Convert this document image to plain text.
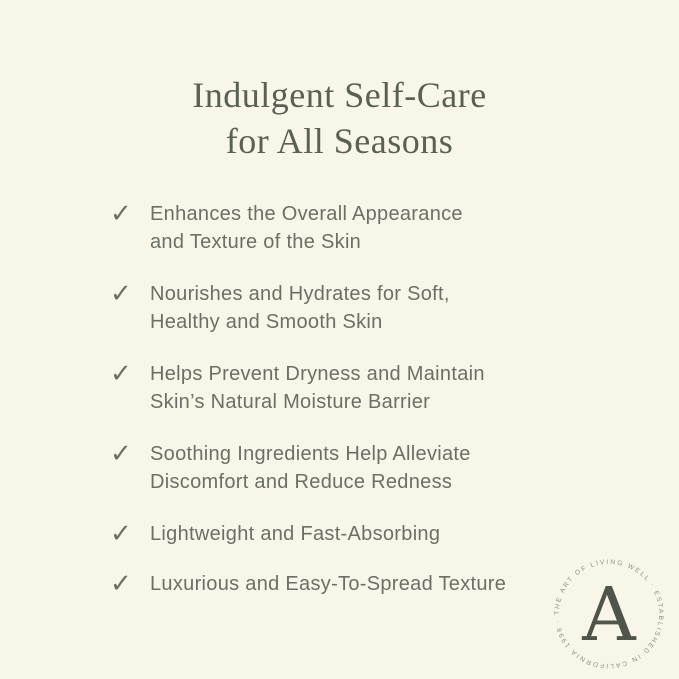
Indulgent Self-Care
for All Seasons
✓ Enhances the Overall Appearance
and Texture of the Skin
✓ Nourishes and Hydrates for Soft,
Healthy and Smooth Skin
✓ Helps Prevent Dryness and Maintain
Skin’s Natural Moisture Barrier
✓ Soothing Ingredients Help Alleviate
Discomfort and Reduce Redness
✓ Lightweight and Fast-Absorbing
✓ Luxurious and Easy-To-Spread Texture
· THE ART OF LIVING WELL · ESTABLISHED IN CALIFORNIA 1998 A
